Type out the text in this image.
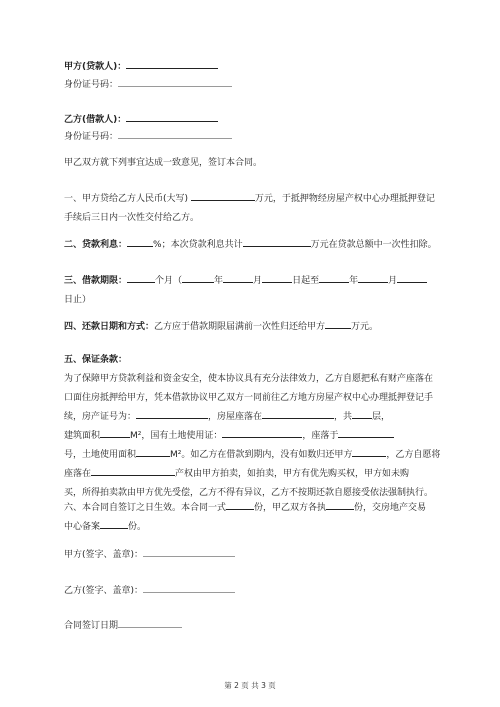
甲方(贷款人)：
身份证号码：
乙方(借款人)：
身份证号码：
甲乙双方就下列事宜达成一致意见，签订本合同。
一、甲方贷给乙方人民币(大写)	万元，于抵押物经房屋产权中心办理抵押登记
手续后三日内一次性交付给乙方。
二、贷款利息：	%；本次贷款利息共计	万元在贷款总额中一次性扣除。
三、借款期限：	个月（	年	月	日起至	年	月
日止）
四、还款日期和方式：乙方应于借款期限届满前一次性归还给甲方	万元。
五、保证条款：
为了保障甲方贷款利益和资金安全，使本协议具有充分法律效力，乙方自愿把私有财产座落在
口面住房抵押给甲方，凭本借款协议甲乙双方一同前往乙方地方房屋产权中心办理抵押登记手
续，房产证号为：	，房屋座落在	，共 层，
建筑面积	M²，国有土地使用证：	，座落于
号，土地使用面积	M²。如乙方在借款到期内，没有如数归还甲方	，乙方自愿将
座落在	产权由甲方拍卖，如拍卖，甲方有优先购买权，甲方如未购
买，所得拍卖款由甲方优先受偿，乙方不得有异议，乙方不按期还款自愿接受依法强制执行。
六、本合同自签订之日生效。本合同一式	份，甲乙双方各执	份，交房地产交易
中心备案	份。
甲方(签字、盖章)：
乙方(签字、盖章)：
合同签订日期
第 2 页 共 3 页
